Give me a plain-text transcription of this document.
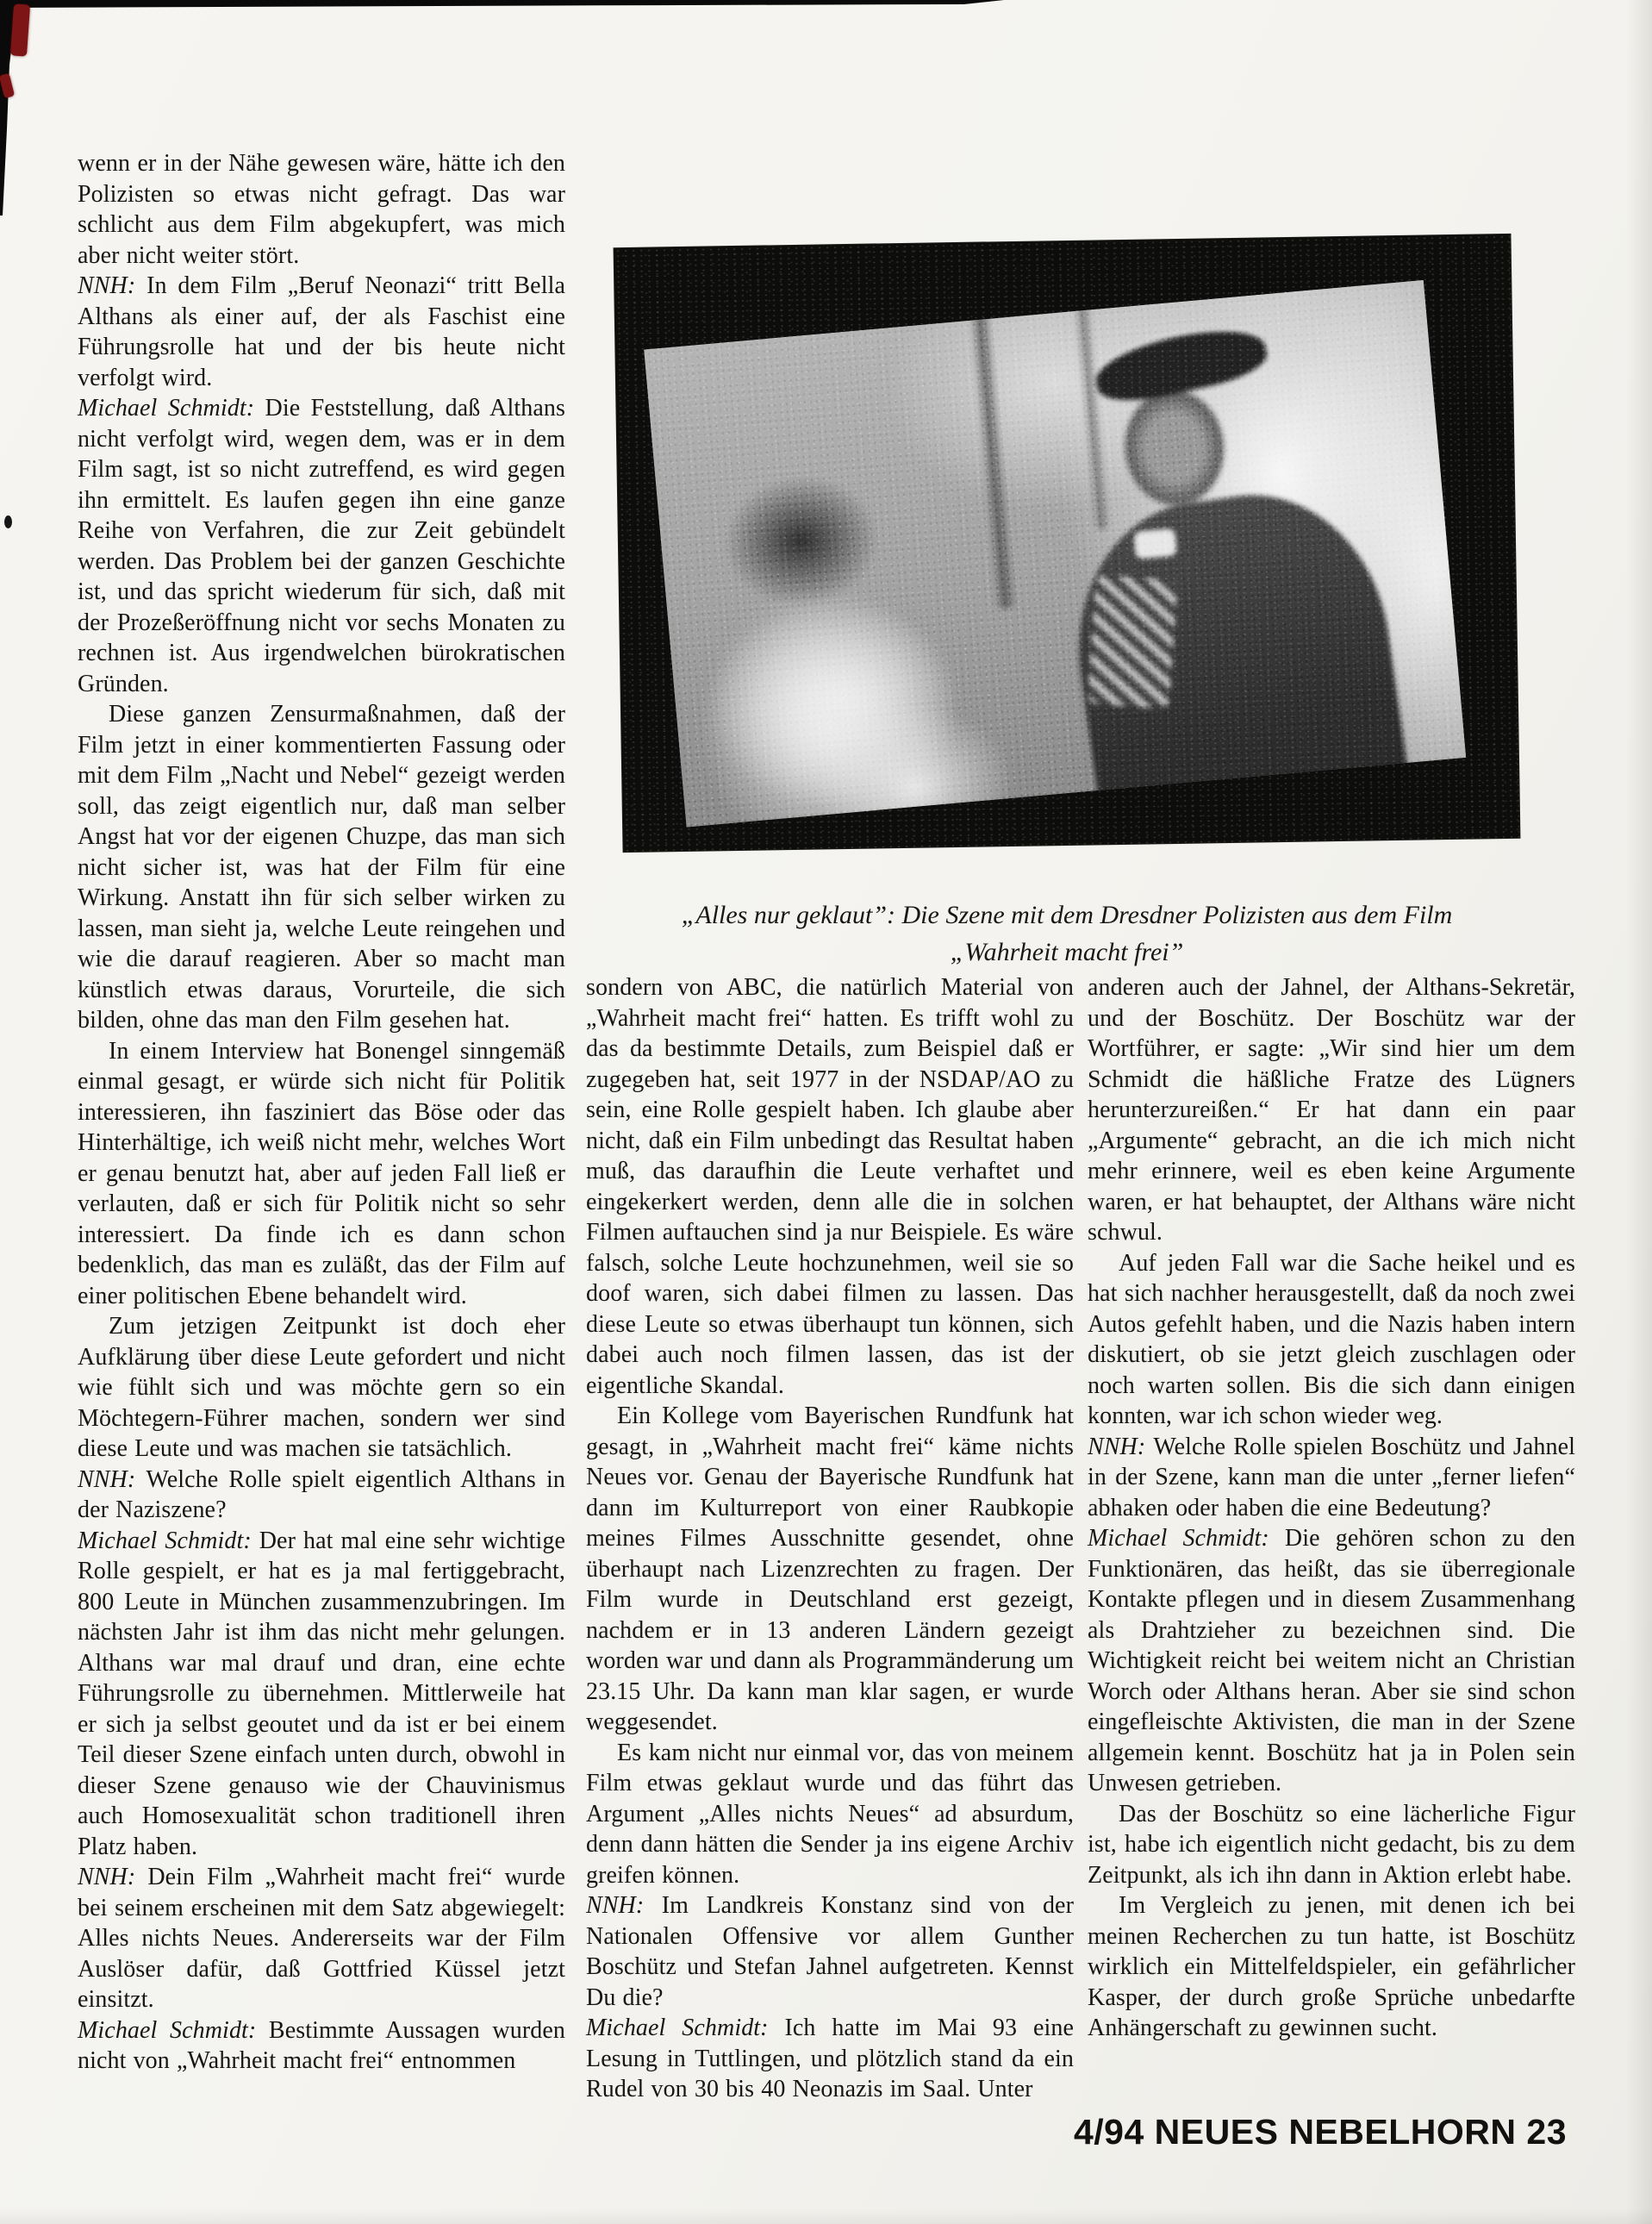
„Alles nur geklaut”: Die Szene mit dem Dresdner Polizisten aus dem Film
„Wahrheit macht frei”

wenn er in der Nähe gewesen wäre, hätte ich den Polizisten so etwas nicht gefragt. Das war schlicht aus dem Film abgekupfert, was mich aber nicht weiter stört.

NNH: In dem Film „Beruf Neonazi“ tritt Bella Althans als einer auf, der als Faschist eine Führungsrolle hat und der bis heute nicht verfolgt wird.

Michael Schmidt: Die Feststellung, daß Althans nicht verfolgt wird, wegen dem, was er in dem Film sagt, ist so nicht zutreffend, es wird gegen ihn ermittelt. Es laufen gegen ihn eine ganze Reihe von Verfahren, die zur Zeit gebündelt werden. Das Problem bei der ganzen Geschichte ist, und das spricht wiederum für sich, daß mit der Prozeßeröffnung nicht vor sechs Monaten zu rechnen ist. Aus irgendwelchen bürokratischen Gründen.

Diese ganzen Zensurmaßnahmen, daß der Film jetzt in einer kommentierten Fassung oder mit dem Film „Nacht und Nebel“ gezeigt werden soll, das zeigt eigentlich nur, daß man selber Angst hat vor der eigenen Chuzpe, das man sich nicht sicher ist, was hat der Film für eine Wirkung. Anstatt ihn für sich selber wirken zu lassen, man sieht ja, welche Leute reingehen und wie die darauf reagieren. Aber so macht man künstlich etwas daraus, Vorurteile, die sich bilden, ohne das man den Film gesehen hat.

In einem Interview hat Bonengel sinngemäß einmal gesagt, er würde sich nicht für Politik interessieren, ihn fasziniert das Böse oder das Hinterhältige, ich weiß nicht mehr, welches Wort er genau benutzt hat, aber auf jeden Fall ließ er verlauten, daß er sich für Politik nicht so sehr interessiert. Da finde ich es dann schon bedenklich, das man es zuläßt, das der Film auf einer politischen Ebene behandelt wird.

Zum jetzigen Zeitpunkt ist doch eher Aufklärung über diese Leute gefordert und nicht wie fühlt sich und was möchte gern so ein Möchtegern-Führer machen, sondern wer sind diese Leute und was machen sie tatsächlich.

NNH: Welche Rolle spielt eigentlich Althans in der Naziszene?

Michael Schmidt: Der hat mal eine sehr wichtige Rolle gespielt, er hat es ja mal fertiggebracht, 800 Leute in München zusammenzubringen. Im nächsten Jahr ist ihm das nicht mehr gelungen. Althans war mal drauf und dran, eine echte Führungsrolle zu übernehmen. Mittlerweile hat er sich ja selbst geoutet und da ist er bei einem Teil dieser Szene einfach unten durch, obwohl in dieser Szene genauso wie der Chauvinismus auch Homosexualität schon traditionell ihren Platz haben.

NNH: Dein Film „Wahrheit macht frei“ wurde bei seinem erscheinen mit dem Satz abgewiegelt: Alles nichts Neues. Andererseits war der Film Auslöser dafür, daß Gottfried Küssel jetzt einsitzt.

Michael Schmidt: Bestimmte Aussagen wurden nicht von „Wahrheit macht frei“ entnommen

sondern von ABC, die natürlich Material von „Wahrheit macht frei“ hatten. Es trifft wohl zu das da bestimmte Details, zum Beispiel daß er zugegeben hat, seit 1977 in der NSDAP/AO zu sein, eine Rolle gespielt haben. Ich glaube aber nicht, daß ein Film unbedingt das Resultat haben muß, das daraufhin die Leute verhaftet und eingekerkert werden, denn alle die in solchen Filmen auftauchen sind ja nur Beispiele. Es wäre falsch, solche Leute hochzunehmen, weil sie so doof waren, sich dabei filmen zu lassen. Das diese Leute so etwas überhaupt tun können, sich dabei auch noch filmen lassen, das ist der eigentliche Skandal.

Ein Kollege vom Bayerischen Rundfunk hat gesagt, in „Wahrheit macht frei“ käme nichts Neues vor. Genau der Bayerische Rundfunk hat dann im Kulturreport von einer Raubkopie meines Filmes Ausschnitte gesendet, ohne überhaupt nach Lizenzrechten zu fragen. Der Film wurde in Deutschland erst gezeigt, nachdem er in 13 anderen Ländern gezeigt worden war und dann als Programmänderung um 23.15 Uhr. Da kann man klar sagen, er wurde weggesendet.

Es kam nicht nur einmal vor, das von meinem Film etwas geklaut wurde und das führt das Argument „Alles nichts Neues“ ad absurdum, denn dann hätten die Sender ja ins eigene Archiv greifen können.

NNH: Im Landkreis Konstanz sind von der Nationalen Offensive vor allem Gunther Boschütz und Stefan Jahnel aufgetreten. Kennst Du die?

Michael Schmidt: Ich hatte im Mai 93 eine Lesung in Tuttlingen, und plötzlich stand da ein Rudel von 30 bis 40 Neonazis im Saal. Unter

anderen auch der Jahnel, der Althans-Sekretär, und der Boschütz. Der Boschütz war der Wortführer, er sagte: „Wir sind hier um dem Schmidt die häßliche Fratze des Lügners herunterzureißen.“ Er hat dann ein paar „Argumente“ gebracht, an die ich mich nicht mehr erinnere, weil es eben keine Argumente waren, er hat behauptet, der Althans wäre nicht schwul.

Auf jeden Fall war die Sache heikel und es hat sich nachher herausgestellt, daß da noch zwei Autos gefehlt haben, und die Nazis haben intern diskutiert, ob sie jetzt gleich zuschlagen oder noch warten sollen. Bis die sich dann einigen konnten, war ich schon wieder weg.

NNH: Welche Rolle spielen Boschütz und Jahnel in der Szene, kann man die unter „ferner liefen“ abhaken oder haben die eine Bedeutung?

Michael Schmidt: Die gehören schon zu den Funktionären, das heißt, das sie überregionale Kontakte pflegen und in diesem Zusammenhang als Drahtzieher zu bezeichnen sind. Die Wichtigkeit reicht bei weitem nicht an Christian Worch oder Althans heran. Aber sie sind schon eingefleischte Aktivisten, die man in der Szene allgemein kennt. Boschütz hat ja in Polen sein Unwesen getrieben.

Das der Boschütz so eine lächerliche Figur ist, habe ich eigentlich nicht gedacht, bis zu dem Zeitpunkt, als ich ihn dann in Aktion erlebt habe.

Im Vergleich zu jenen, mit denen ich bei meinen Recherchen zu tun hatte, ist Boschütz wirklich ein Mittelfeldspieler, ein gefährlicher Kasper, der durch große Sprüche unbedarfte Anhängerschaft zu gewinnen sucht.

4/94 NEUES NEBELHORN 23
